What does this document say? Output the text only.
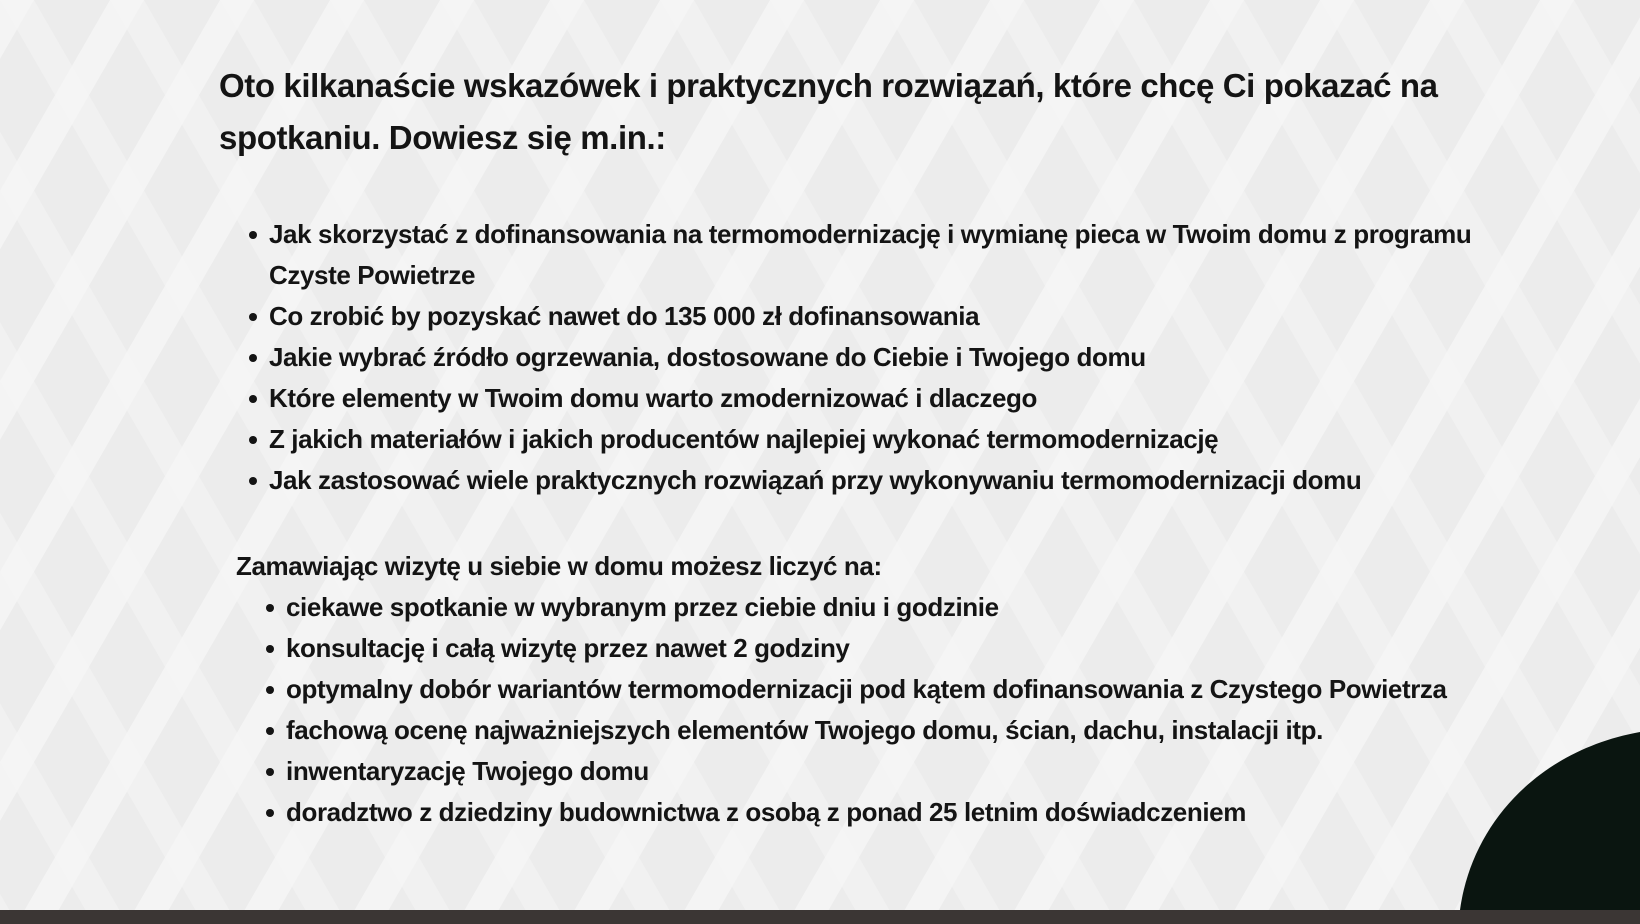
Oto kilkanaście wskazówek i praktycznych rozwiązań, które chcę Ci pokazać na spotkaniu. Dowiesz się m.in.:

Jak skorzystać z dofinansowania na termomodernizację i wymianę pieca w Twoim domu z programu Czyste Powietrze
Co zrobić by pozyskać nawet do 135 000 zł dofinansowania
Jakie wybrać źródło ogrzewania, dostosowane do Ciebie i Twojego domu
Które elementy w Twoim domu warto zmodernizować i dlaczego
Z jakich materiałów i jakich producentów najlepiej wykonać termomodernizację
Jak zastosować wiele praktycznych rozwiązań przy wykonywaniu termomodernizacji domu

Zamawiając wizytę u siebie w domu możesz liczyć na:

ciekawe spotkanie w wybranym przez ciebie dniu i godzinie
konsultację i całą wizytę przez nawet 2 godziny
optymalny dobór wariantów termomodernizacji pod kątem dofinansowania z Czystego Powietrza
fachową ocenę najważniejszych elementów Twojego domu, ścian, dachu, instalacji itp.
inwentaryzację Twojego domu
doradztwo z dziedziny budownictwa z osobą z ponad 25 letnim doświadczeniem
